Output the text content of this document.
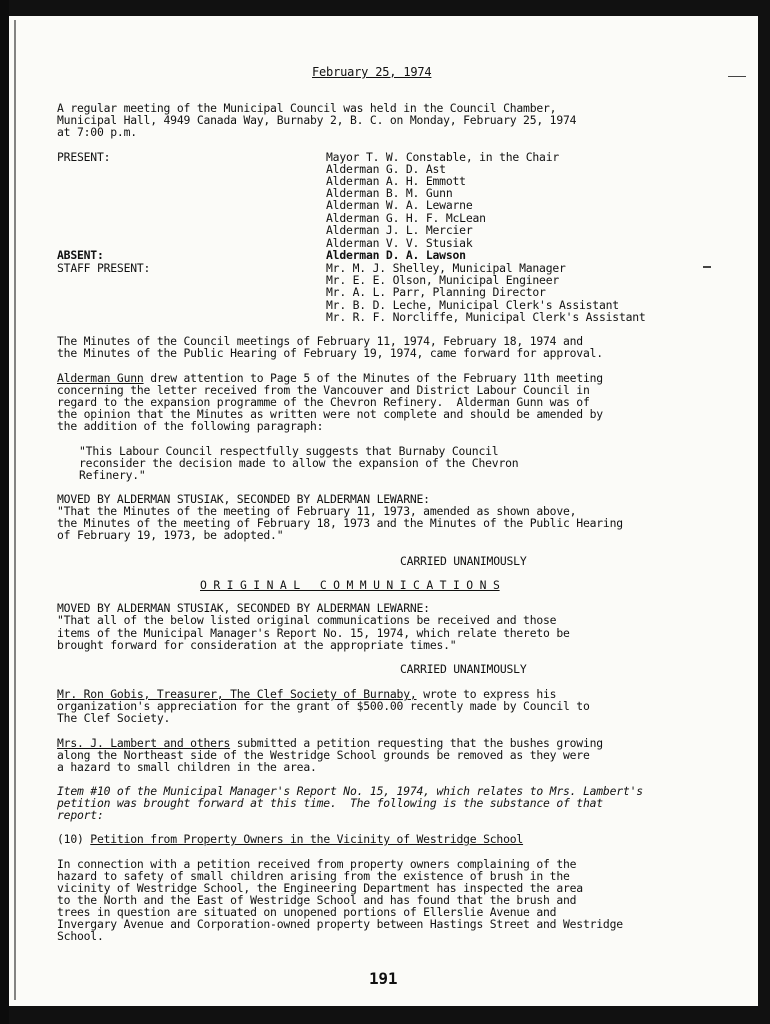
February 25, 1974
A regular meeting of the Municipal Council was held in the Council Chamber,
Municipal Hall, 4949 Canada Way, Burnaby 2, B. C. on Monday, February 25, 1974
at 7:00 p.m.
PRESENT:
ABSENT:
STAFF PRESENT:
Mayor T. W. Constable, in the Chair
Alderman G. D. Ast
Alderman A. H. Emmott
Alderman B. M. Gunn
Alderman W. A. Lewarne
Alderman G. H. F. McLean
Alderman J. L. Mercier
Alderman V. V. Stusiak
Alderman D. A. Lawson
Mr. M. J. Shelley, Municipal Manager
Mr. E. E. Olson, Municipal Engineer
Mr. A. L. Parr, Planning Director
Mr. B. D. Leche, Municipal Clerk's Assistant
Mr. R. F. Norcliffe, Municipal Clerk's Assistant
The Minutes of the Council meetings of February 11, 1974, February 18, 1974 and
the Minutes of the Public Hearing of February 19, 1974, came forward for approval.
Alderman Gunn drew attention to Page 5 of the Minutes of the February 11th meeting
concerning the letter received from the Vancouver and District Labour Council in
regard to the expansion programme of the Chevron Refinery.  Alderman Gunn was of
the opinion that the Minutes as written were not complete and should be amended by
the addition of the following paragraph:
"This Labour Council respectfully suggests that Burnaby Council
reconsider the decision made to allow the expansion of the Chevron
Refinery."
MOVED BY ALDERMAN STUSIAK, SECONDED BY ALDERMAN LEWARNE:
"That the Minutes of the meeting of February 11, 1973, amended as shown above,
the Minutes of the meeting of February 18, 1973 and the Minutes of the Public Hearing
of February 19, 1973, be adopted."
CARRIED UNANIMOUSLY
O R I G I N A L   C O M M U N I C A T I O N S
MOVED BY ALDERMAN STUSIAK, SECONDED BY ALDERMAN LEWARNE:
"That all of the below listed original communications be received and those
items of the Municipal Manager's Report No. 15, 1974, which relate thereto be
brought forward for consideration at the appropriate times."
CARRIED UNANIMOUSLY
Mr. Ron Gobis, Treasurer, The Clef Society of Burnaby, wrote to express his
organization's appreciation for the grant of $500.00 recently made by Council to
The Clef Society.
Mrs. J. Lambert and others submitted a petition requesting that the bushes growing
along the Northeast side of the Westridge School grounds be removed as they were
a hazard to small children in the area.
Item #10 of the Municipal Manager's Report No. 15, 1974, which relates to Mrs. Lambert's
petition was brought forward at this time.  The following is the substance of that
report:
(10) Petition from Property Owners in the Vicinity of Westridge School
In connection with a petition received from property owners complaining of the
hazard to safety of small children arising from the existence of brush in the
vicinity of Westridge School, the Engineering Department has inspected the area
to the North and the East of Westridge School and has found that the brush and
trees in question are situated on unopened portions of Ellerslie Avenue and
Invergary Avenue and Corporation-owned property between Hastings Street and Westridge
School.
191
